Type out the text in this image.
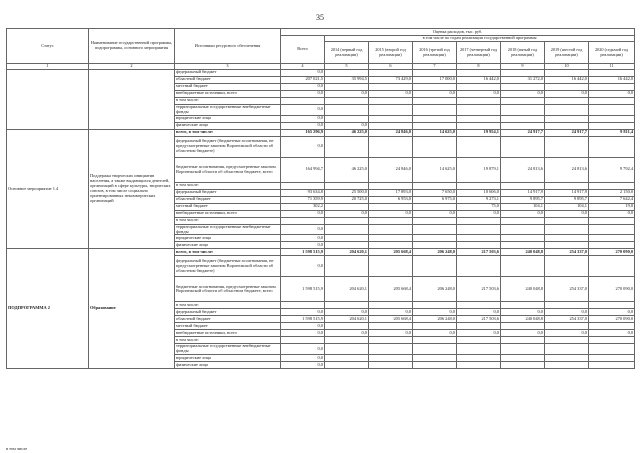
35
Статус	Наименование государственной программы, подпрограммы, основного мероприятия	Источники ресурсного обеспечения	Оценка расходов, тыс. руб.							
			Всего	в том числе по годам реализации государственной программы						
				2014 (первый год реализации)	2015 (второй год реализации)	2016 (третий год реализации)	2017 (четвертый год реализации)	2018 (пятый год реализации)	2019 (шестой год реализации)	2020 (седьмой год реализации)
1	2	3	4	5	6	7	8	9	10	11
		федеральный бюджет	0,0							
		областной бюджет	207 021,5	35 994,5	73 429,0	17 000,0	16 442,0	31 272,0	16 442,0	16 442,0
		местный бюджет	0,0							
		внебюджетные источники, всего	0,0	0,0	0,0	0,0	0,0	0,0	0,0	0,0
		в том числе:								
		территориальные государственные внебюджетные фонды	0,0							
		юридические лица	0,0							
		физические лица	0,0	0,0						
Основное мероприятие 1.4	Поддержка творческих инициатив населения, а также выдающихся деятелей, организаций в сфере культуры, творческих союзов, в том числе социально ориентированных некоммерческих организаций	всего, в том числе:	165 296,9	46 225,0	24 846,0	14 625,0	19 954,1	24 917,7	24 917,7	9 811,4
		федеральный бюджет (бюджетные ассигнования, не предусмотренные законом Воронежской области об областном бюджете)	0,0							
		бюджетные ассигнования, предусмотренные законом Воронежской области об областном бюджете, всего	164 994,7	46 225,0	24 846,0	14 625,0	19 879,1	24 813,6	24 813,6	9 792,4
		в том числе:								
		федеральный бюджет	93 634,8	25 500,0	17 893,0	7 650,0	10 606,0	14 917,9	14 917,9	2 150,0
		областной бюджет	71 359,9	20 725,0	6 953,0	6 975,0	9 273,1	9 895,7	9 895,7	7 642,4
		местный бюджет	302,2				75,0	104,1	104,1	19,0
		внебюджетные источники, всего	0,0	0,0	0,0	0,0	0,0	0,0	0,0	0,0
		в том числе:								
		территориальные государственные внебюджетные фонды	0,0							
		юридические лица	0,0							
		физические лица	0,0							
ПОДПРОГРАММА 2	Образование	всего, в том числе:	1 598 515,9	204 620,1	205 668,4	206 248,0	217 503,6	240 048,8	254 337,0	270 090,0
		федеральный бюджет (бюджетные ассигнования, не предусмотренные законом Воронежской области об областном бюджете)	0,0							
		бюджетные ассигнования, предусмотренные законом Воронежской области об областном бюджете, всего	1 598 515,9	204 620,1	205 668,4	206 248,0	217 503,6	240 048,8	254 337,0	270 090,0
		в том числе:								
		федеральный бюджет	0,0	0,0	0,0	0,0	0,0	0,0	0,0	0,0
		областной бюджет	1 598 515,9	204 620,1	205 668,4	206 248,0	217 503,6	240 048,8	254 337,0	270 090,0
		местный бюджет	0,0							
		внебюджетные источники, всего	0,0	0,0	0,0	0,0	0,0	0,0	0,0	0,0
		в том числе:								
		территориальные государственные внебюджетные фонды	0,0							
		юридические лица	0,0							
		физические лица	0,0							
в том числе
